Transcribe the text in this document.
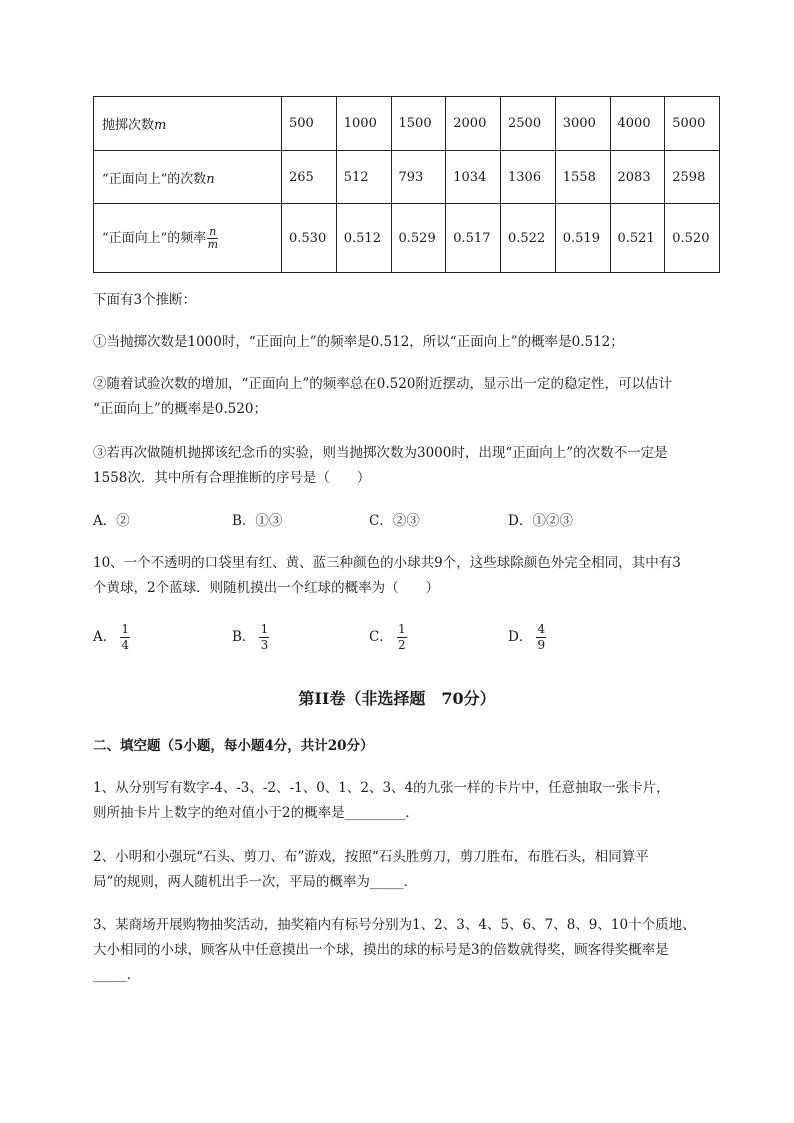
抛掷次数m	500	1000	1500	2000	2500	3000	4000	5000
“正面向上”的次数n	265	512	793	1034	1306	1558	2083	2598
“正面向上”的频率 $\frac{n}{m}$	0.530	0.512	0.529	0.517	0.522	0.519	0.521	0.520
下面有3个推断：
①当抛掷次数是1000时，“正面向上”的频率是0.512，所以“正面向上”的概率是0.512；
②随着试验次数的增加，“正面向上”的频率总在0.520附近摆动，显示出一定的稳定性，可以估计
“正面向上”的概率是0.520；
③若再次做随机抛掷该纪念币的实验，则当抛掷次数为3000时，出现“正面向上”的次数不一定是
1558次．其中所有合理推断的序号是（　　）
A．②	B．①③	C．②③	D．①②③
10、一个不透明的口袋里有红、黄、蓝三种颜色的小球共9个，这些球除颜色外完全相同，其中有3
个黄球，2个蓝球．则随机摸出一个红球的概率为（　　）
A． $\frac{1}{4}$	B． $\frac{1}{3}$	C． $\frac{1}{2}$	D． $\frac{4}{9}$
第II卷（非选择题　70分）
二、填空题（5小题，每小题4分，共计20分）
1、从分别写有数字-4、-3、-2、-1、0、1、2、3、4的九张一样的卡片中，任意抽取一张卡片，
则所抽卡片上数字的绝对值小于2的概率是_________．
2、小明和小强玩“石头、剪刀、布”游戏，按照“石头胜剪刀，剪刀胜布，布胜石头，相同算平
局”的规则，两人随机出手一次，平局的概率为_____．
3、某商场开展购物抽奖活动，抽奖箱内有标号分别为1、2、3、4、5、6、7、8、9、10十个质地、
大小相同的小球，顾客从中任意摸出一个球，摸出的球的标号是3的倍数就得奖，顾客得奖概率是
_____．
